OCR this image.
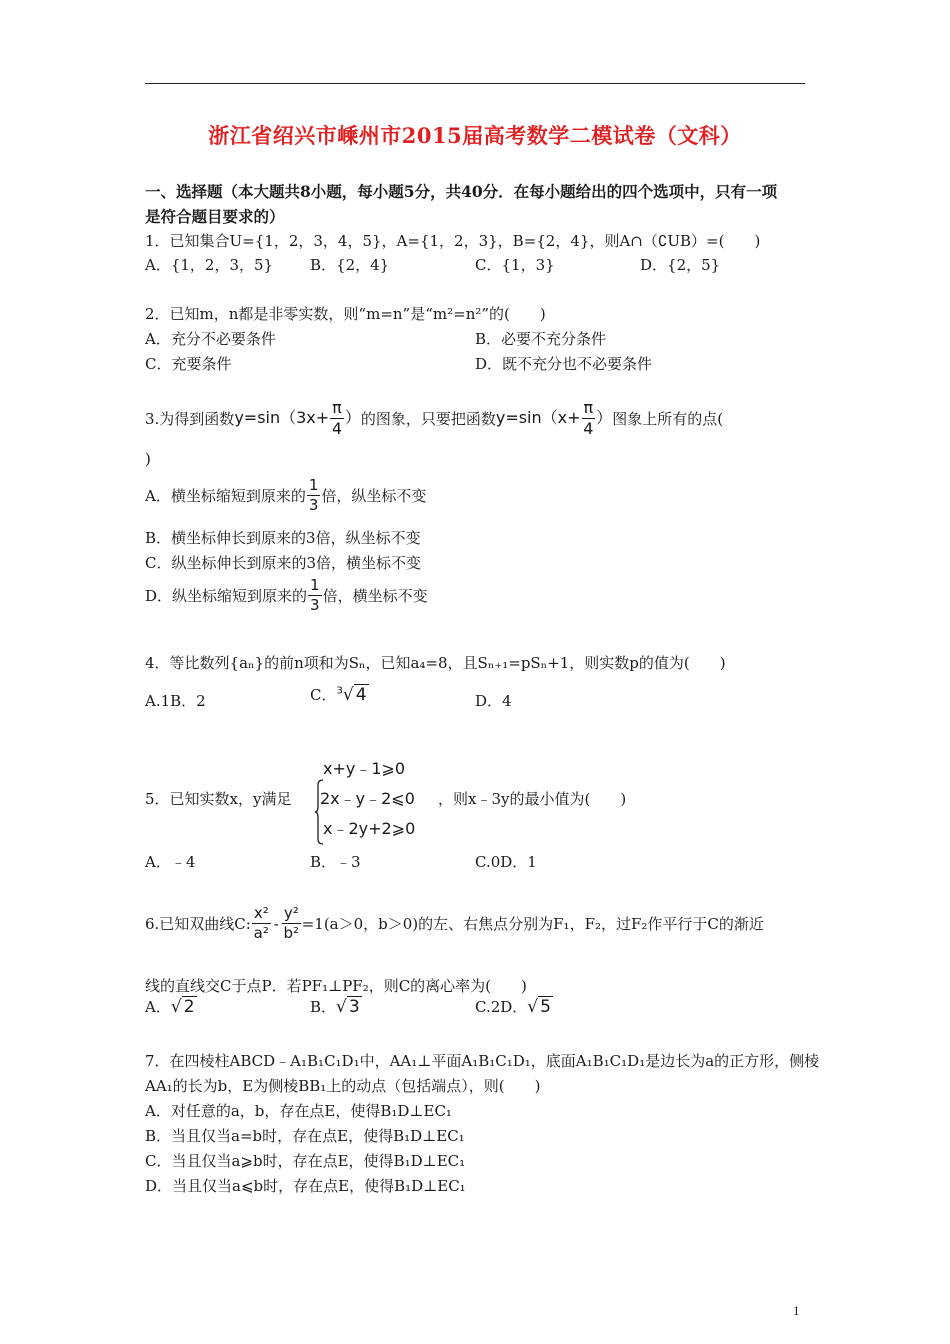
浙江省绍兴市嵊州市2015届高考数学二模试卷（文科）
一、选择题（本大题共8小题，每小题5分，共40分．在每小题给出的四个选项中，只有一项
是符合题目要求的）
1．已知集合U={1，2，3，4，5}，A={1，2，3}，B={2，4}，则A∩（∁UB）=(　　)
A．{1，2，3，5} B．{2，4}	C．{1，3}	D．{2，5}
2．已知m，n都是非零实数，则“m=n”是“m²=n²”的(　　)
A．充分不必要条件	B．必要不充分条件
C．充要条件	D．既不充分也不必要条件
3.为得到函数 $y=\sin(3x+ \frac{\pi}{4}$ ） 的图象，只要把函数 $y=\sin(x+ \frac{\pi}{4}$ ） 图象上所有的点(
)
A．横坐标缩短到原来的 $\frac{1}{3}$ 倍，纵坐标不变
B．横坐标伸长到原来的3倍，纵坐标不变
C．纵坐标伸长到原来的3倍，横坐标不变
D．纵坐标缩短到原来的 $\frac{1}{3}$ 倍，横坐标不变
4．等比数列{aₙ}的前n项和为Sₙ，已知a₄=8，且Sₙ₊₁=pSₙ+1，则实数p的值为(　　)
A.1B．2	C． $^3$√ 4	D．4
5．已知实数x，y满足
x+y﹣1⩾0
2x﹣y﹣2⩽0
x﹣2y+2⩾0
，则x﹣3y的最小值为(　　)
A．﹣4	B．﹣3	C.0D．1
6.已知双曲线C: $\frac{\text{x²}}{\text{a²}} - \frac{\text{y²}}{\text{b²}} =1(a>0$，b＞0)的左、右焦点分别为F₁，F₂，过F₂作平行于C的渐近
线的直线交C于点P．若PF₁⊥PF₂，则C的离心率为(　　)
A． √ 2	B． √ 3	C.2D． √ 5
7．在四棱柱ABCD﹣A₁B₁C₁D₁中，AA₁⊥平面A₁B₁C₁D₁，底面A₁B₁C₁D₁是边长为a的正方形，侧棱
AA₁的长为b，E为侧棱BB₁上的动点（包括端点），则(　　)
A．对任意的a，b，存在点E，使得B₁D⊥EC₁
B．当且仅当a=b时，存在点E，使得B₁D⊥EC₁
C．当且仅当a⩾b时，存在点E，使得B₁D⊥EC₁
D．当且仅当a⩽b时，存在点E，使得B₁D⊥EC₁
1
